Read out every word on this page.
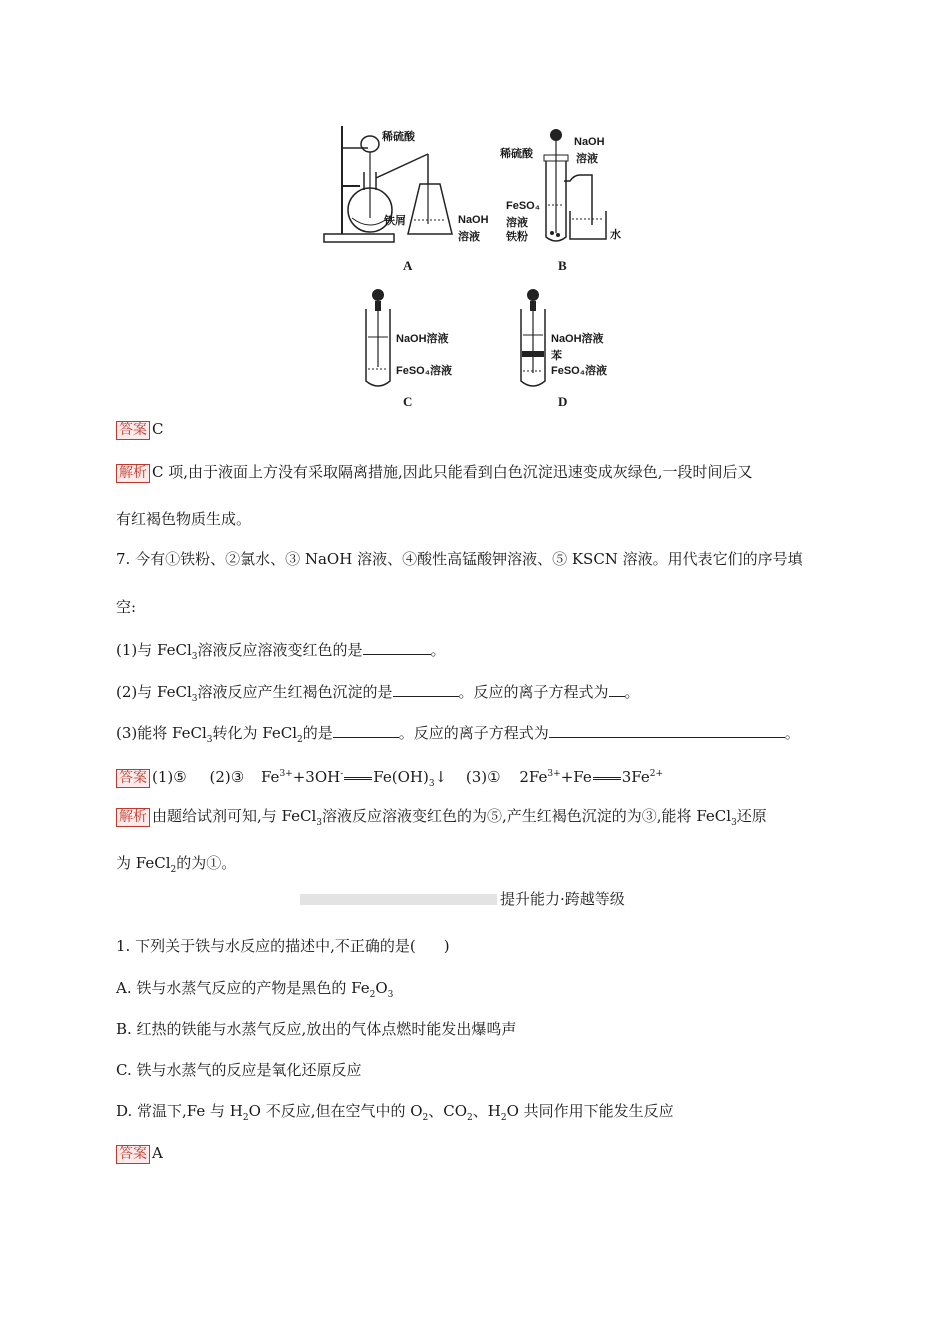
稀硫酸
铁屑	NaOH
溶液
A
稀硫酸
NaOH
溶液
FeSO₄
溶液
铁粉	水
B
NaOH溶液
FeSO₄溶液
C
NaOH溶液
苯
FeSO₄溶液
D
答案 C
解析 C 项,由于液面上方没有采取隔离措施,因此只能看到白色沉淀迅速变成灰绿色,一段时间后又
有红褐色物质生成。
7. 今有①铁粉、②氯水、③ NaOH 溶液、④酸性高锰酸钾溶液、⑤ KSCN 溶液。用代表它们的序号填
空:
(1)与 FeCl$_3$溶液反应溶液变红色的是	。
(2)与 FeCl$_3$溶液反应产生红褐色沉淀的是	。反应的离子方程式为 。
(3)能将 FeCl$_3$转化为 FeCl$_2$的是	。反应的离子方程式为	。
答案 (1)⑤ (2)③ $Fe^{3+}+3OH^-$ $Fe(OH)_3↓$ (3)① $2Fe^{3+}+Fe$ $3Fe^{2+}$
解析 由题给试剂可知,与 FeCl$_3$溶液反应溶液变红色的为⑤,产生红褐色沉淀的为③,能将 FeCl$_3$还原
为 FeCl$_2$的为①。
提升能力·跨越等级
1. 下列关于铁与水反应的描述中,不正确的是( )
A. 铁与水蒸气反应的产物是黑色的 $Fe_2O_3$
B. 红热的铁能与水蒸气反应,放出的气体点燃时能发出爆鸣声
C. 铁与水蒸气的反应是氧化还原反应
D. 常温下,Fe 与 $H_2O$ 不反应,但在空气中的 $O_2$、$CO_2$、$H_2O$ 共同作用下能发生反应
答案 A
